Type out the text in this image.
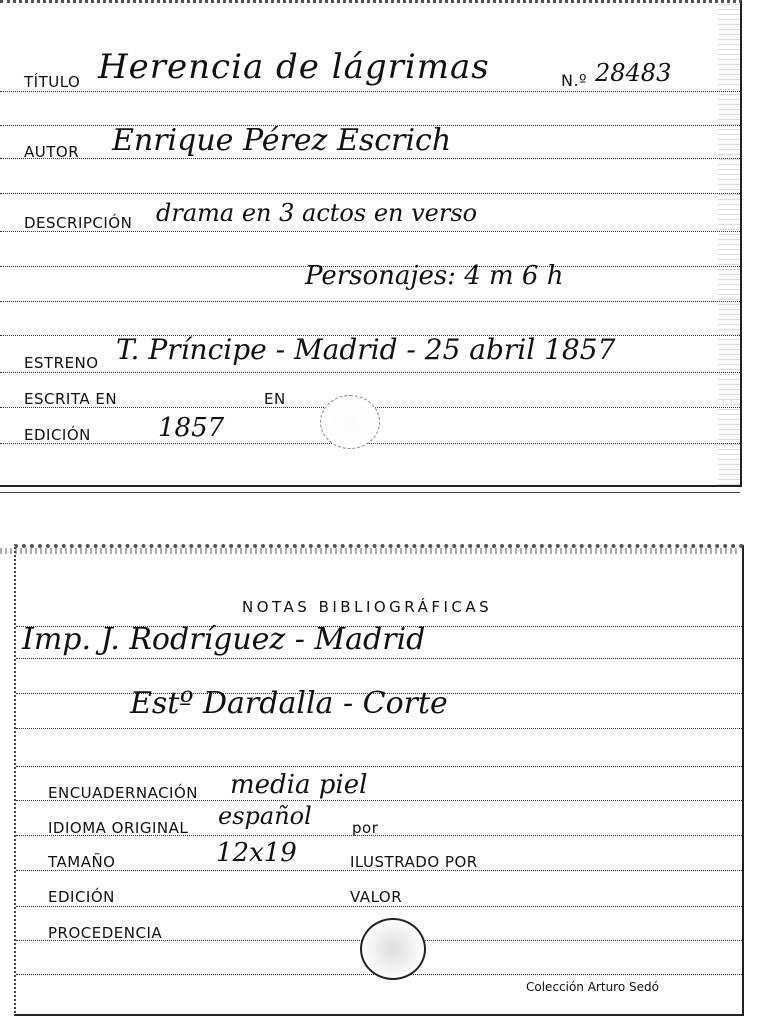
TÍTULO Herencia de lágrimas	N.º 28483
AUTOR Enrique Pérez Escrich
DESCRIPCIÓN drama en 3 actos en verso
Personajes: 4 m 6 h
ESTRENO T. Príncipe - Madrid - 25 abril 1857
ESCRITA EN	EN
EDICIÓN	1857
NOTAS BIBLIOGRÁFICAS
Imp. J. Rodríguez - Madrid
Estº Dardalla - Corte
ENCUADERNACIÓN media piel
IDIOMA ORIGINAL español	por
TAMAÑO	12x19	ILUSTRADO POR
EDICIÓN	VALOR
PROCEDENCIA
Colección Arturo Sedó
